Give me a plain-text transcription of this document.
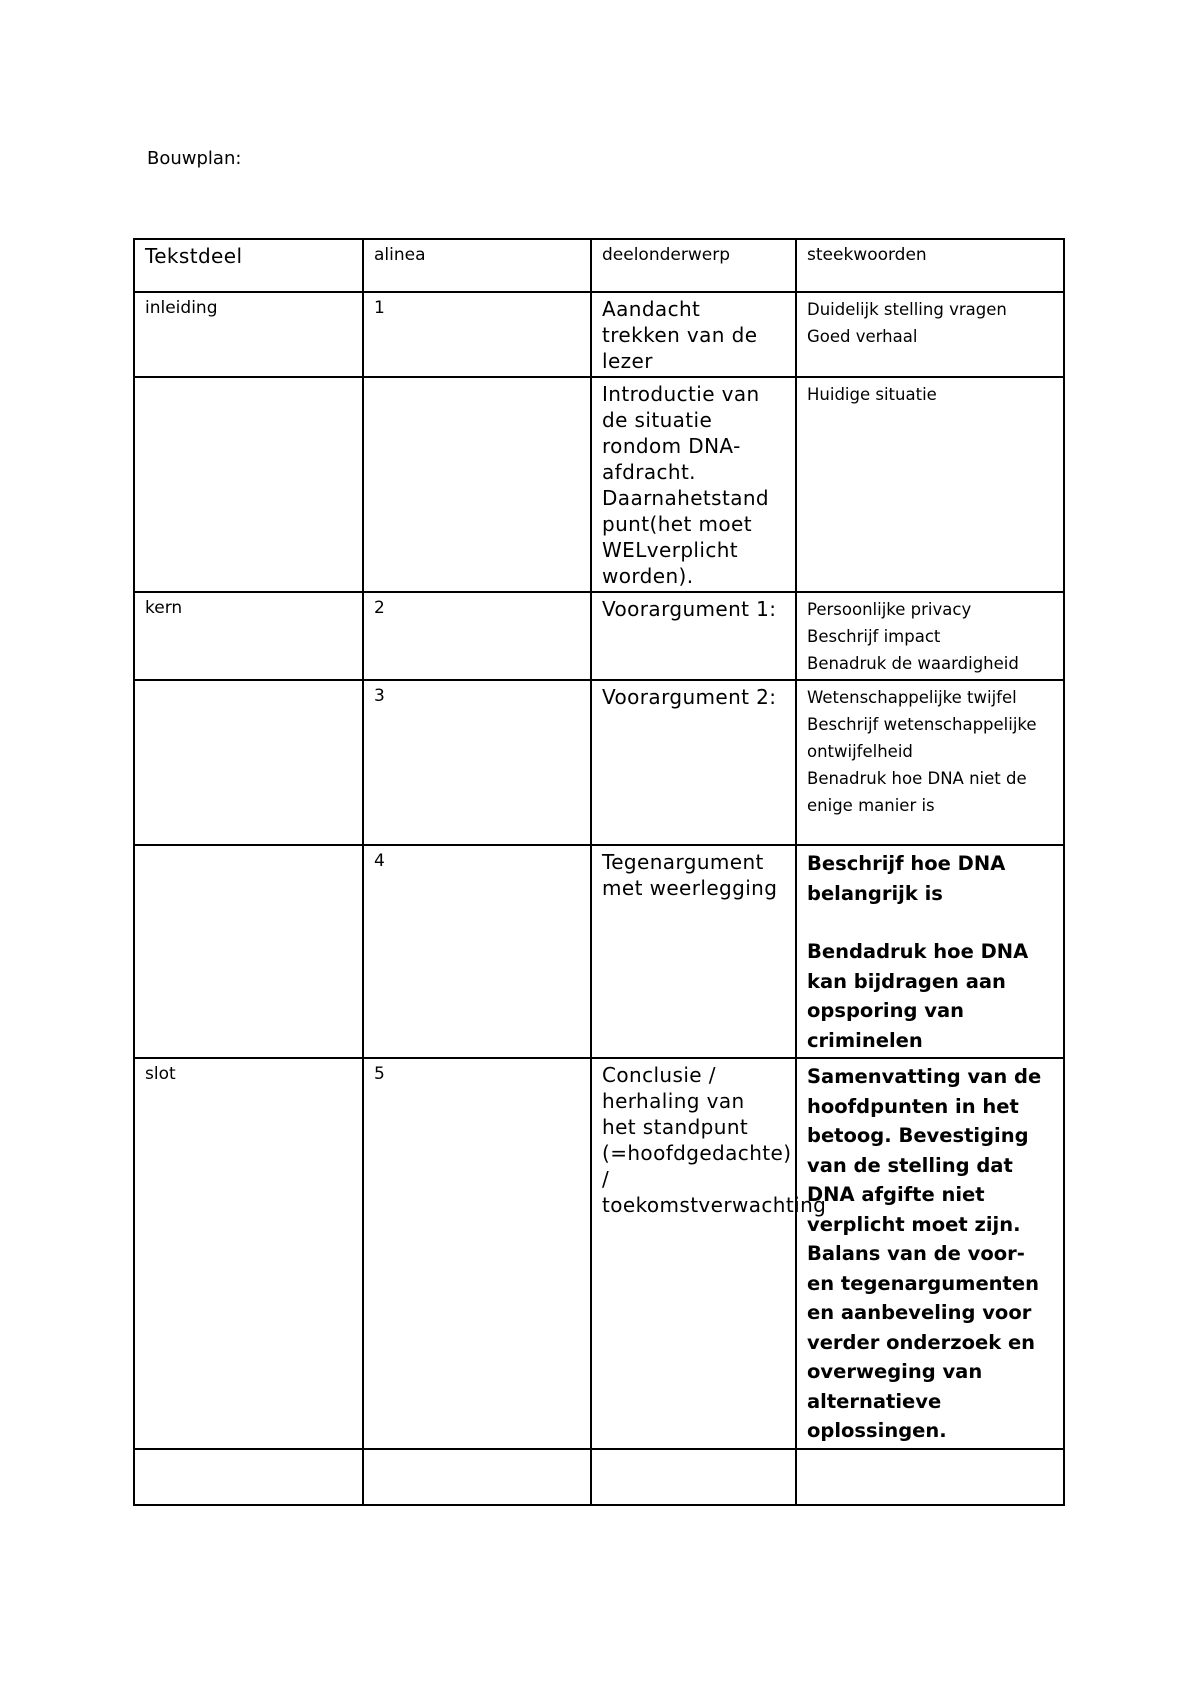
Bouwplan:
Tekstdeel	alinea	deelonderwerp	steekwoorden
inleiding	1	Aandacht trekken van de lezer	Duidelijk stelling vragen
Goed verhaal

		Introductie van de situatie rondom DNA-afdracht. Daarnahetstand punt(het moet WELverplicht worden).	Huidige situatie

kern	2	Voorargument 1:	Persoonlijke privacy
Beschrijf impact
Benadruk de waardigheid

	3	Voorargument 2:	Wetenschappelijke twijfel
Beschrijf wetenschappelijke ontwijfelheid
Benadruk hoe DNA niet de enige manier is

	4	Tegenargument met weerlegging	Beschrijf hoe DNA belangrijk is
Bendadruk hoe DNA kan bijdragen aan opsporing van criminelen

slot	5	Conclusie / herhaling van het standpunt (=hoofdgedachte) / toekomstverwachting	Samenvatting van de hoofdpunten in het betoog. Bevestiging van de stelling dat DNA afgifte niet verplicht moet zijn. Balans van de voor- en tegenargumenten en aanbeveling voor verder onderzoek en overweging van alternatieve oplossingen.
